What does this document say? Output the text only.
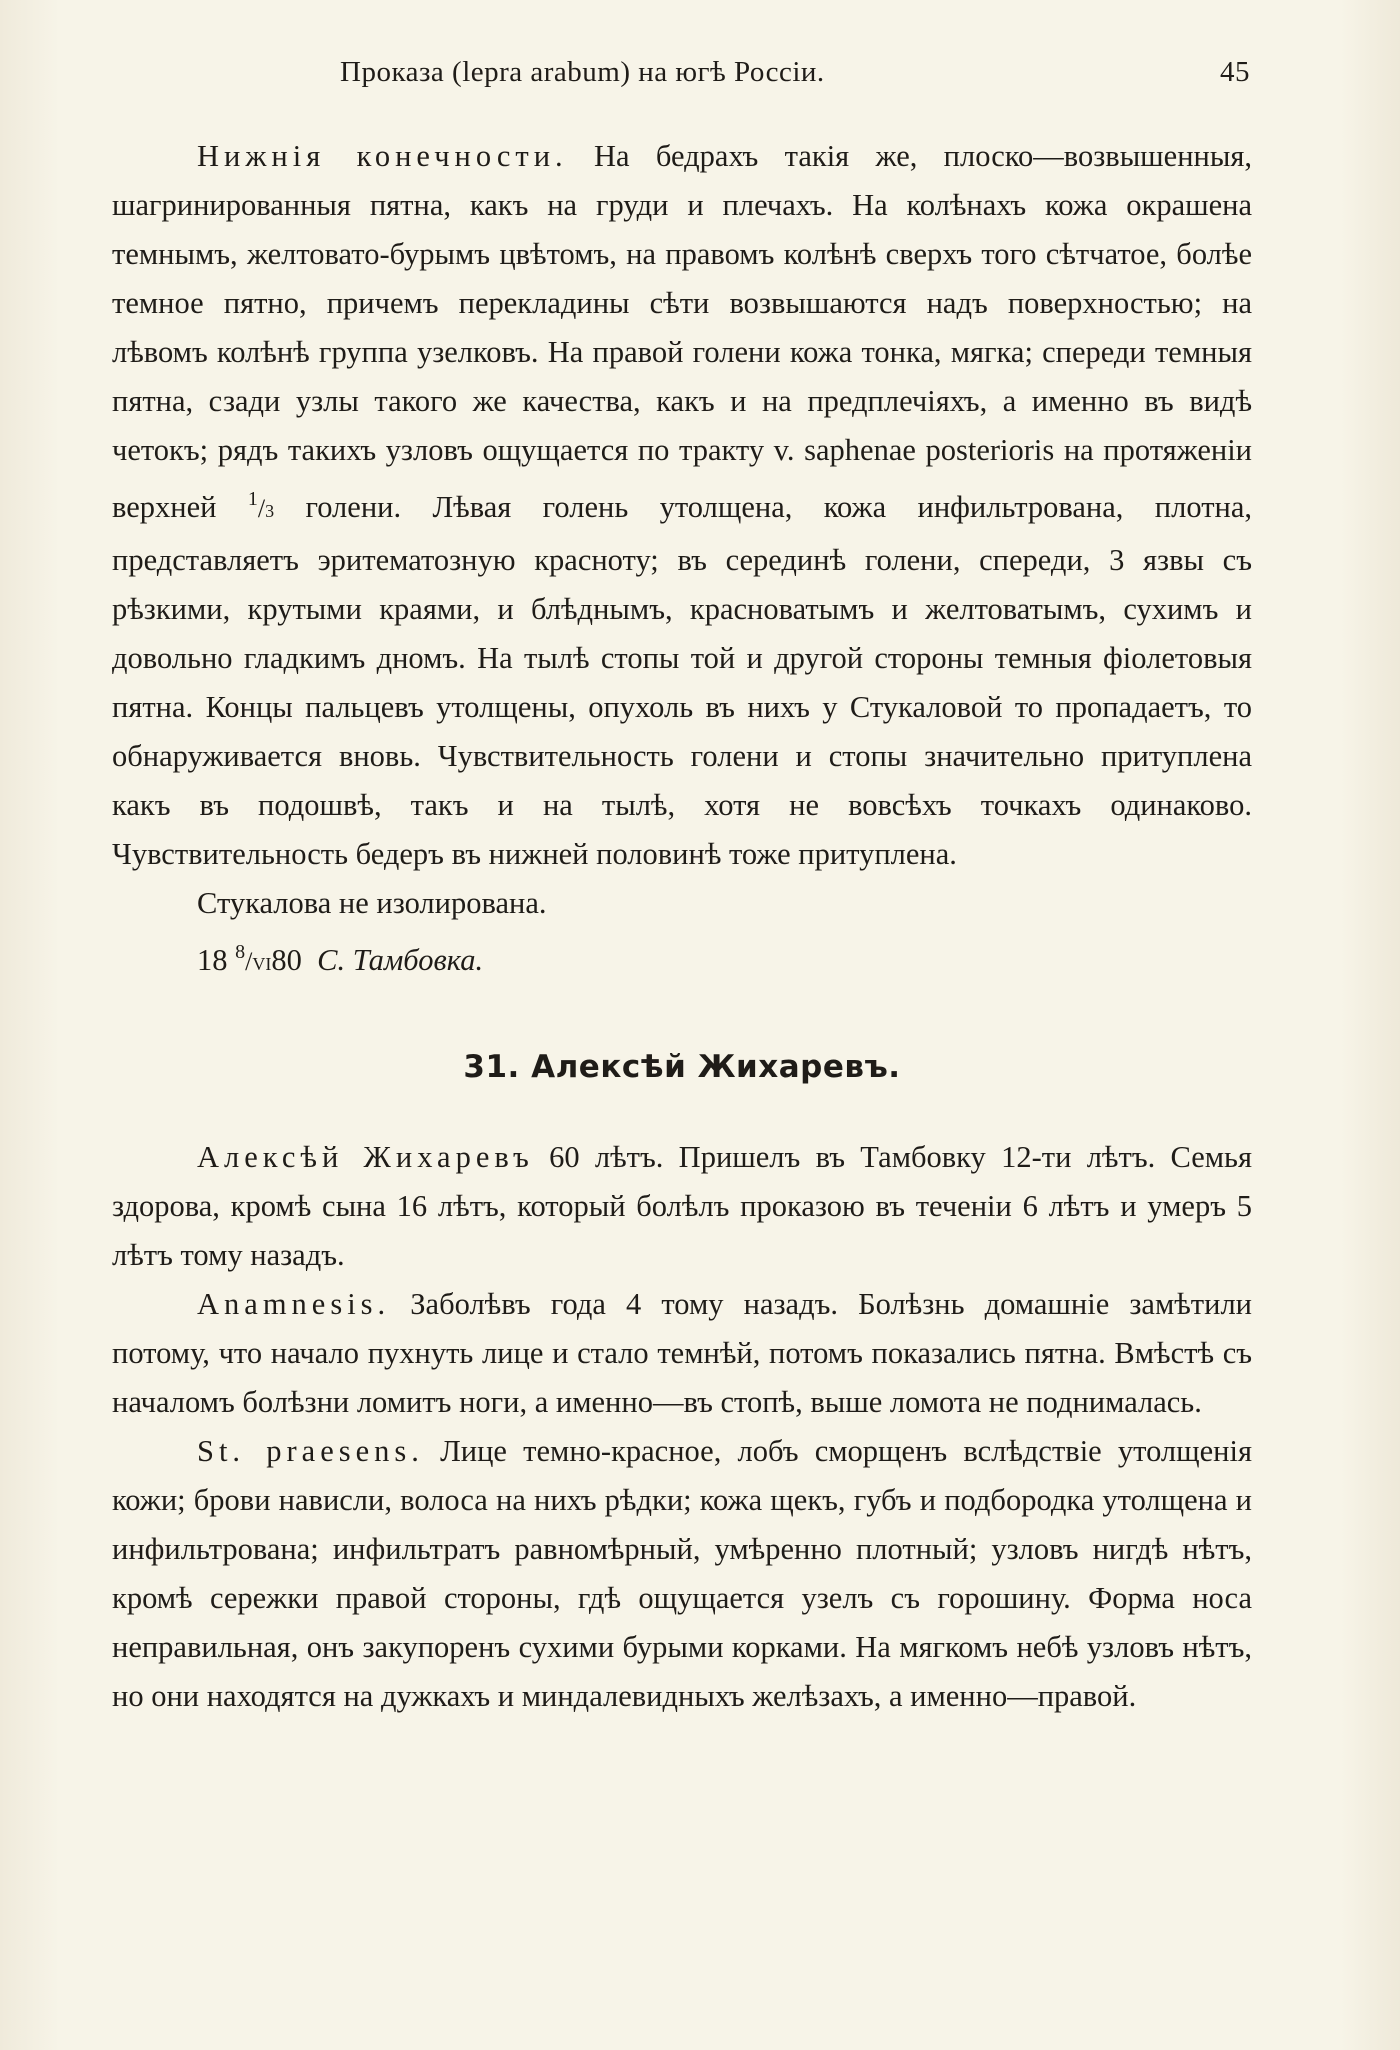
Проказа (lepra arabum) на югѣ Россiи.	45

Нижнiя конечности. На бедрахъ такiя же, плоско—возвышенныя, шагринированныя пятна, какъ на груди и плечахъ. На колѣнахъ кожа окрашена темнымъ, желтовато-бурымъ цвѣтомъ, на правомъ колѣнѣ сверхъ того сѣтчатое, болѣе темное пятно, причемъ перекладины сѣти возвышаются надъ поверхностью; на лѣвомъ колѣнѣ группа узелковъ. На правой голени кожа тонка, мягка; спереди темныя пятна, сзади узлы такого же качества, какъ и на предплечiяхъ, а именно въ видѣ четокъ; рядъ такихъ узловъ ощущается по тракту v. saphenae posterioris на протяженiи верхней $^1$/3 голени. Лѣвая голень утолщена, кожа инфильтрована, плотна, представляетъ эритематозную красноту; въ серединѣ голени, спереди, 3 язвы съ рѣзкими, крутыми краями, и блѣднымъ, красноватымъ и желтоватымъ, сухимъ и довольно гладкимъ дномъ. На тылѣ стопы той и другой стороны темныя фiолетовыя пятна. Концы пальцевъ утолщены, опухоль въ нихъ у Стукаловой то пропадаетъ, то обнаруживается вновь. Чувствительность голени и стопы значительно притуплена какъ въ подошвѣ, такъ и на тылѣ, хотя не вовсѣхъ точкахъ одинаково. Чувствительность бедеръ въ нижней половинѣ тоже притуплена.

Стукалова не изолирована.

18 $^8$/VI80 С. Тамбовка.

31. Алексѣй Жихаревъ.

Алексѣй Жихаревъ 60 лѣтъ. Пришелъ въ Тамбовку 12-ти лѣтъ. Семья здорова, кромѣ сына 16 лѣтъ, который болѣлъ проказою въ теченiи 6 лѣтъ и умеръ 5 лѣтъ тому назадъ.

Anamnesis. Заболѣвъ года 4 тому назадъ. Болѣзнь домашнiе замѣтили потому, что начало пухнуть лице и стало темнѣй, потомъ показались пятна. Вмѣстѣ съ началомъ болѣзни ломитъ ноги, а именно—въ стопѣ, выше ломота не поднималась.

St. praesens. Лице темно-красное, лобъ сморщенъ вслѣдствiе утолщенiя кожи; брови нависли, волоса на нихъ рѣдки; кожа щекъ, губъ и подбородка утолщена и инфильтрована; инфильтратъ равномѣрный, умѣренно плотный; узловъ нигдѣ нѣтъ, кромѣ сережки правой стороны, гдѣ ощущается узелъ съ горошину. Форма носа неправильная, онъ закупоренъ сухими бурыми корками. На мягкомъ небѣ узловъ нѣтъ, но они находятся на дужкахъ и миндалевидныхъ желѣзахъ, а именно—правой.
